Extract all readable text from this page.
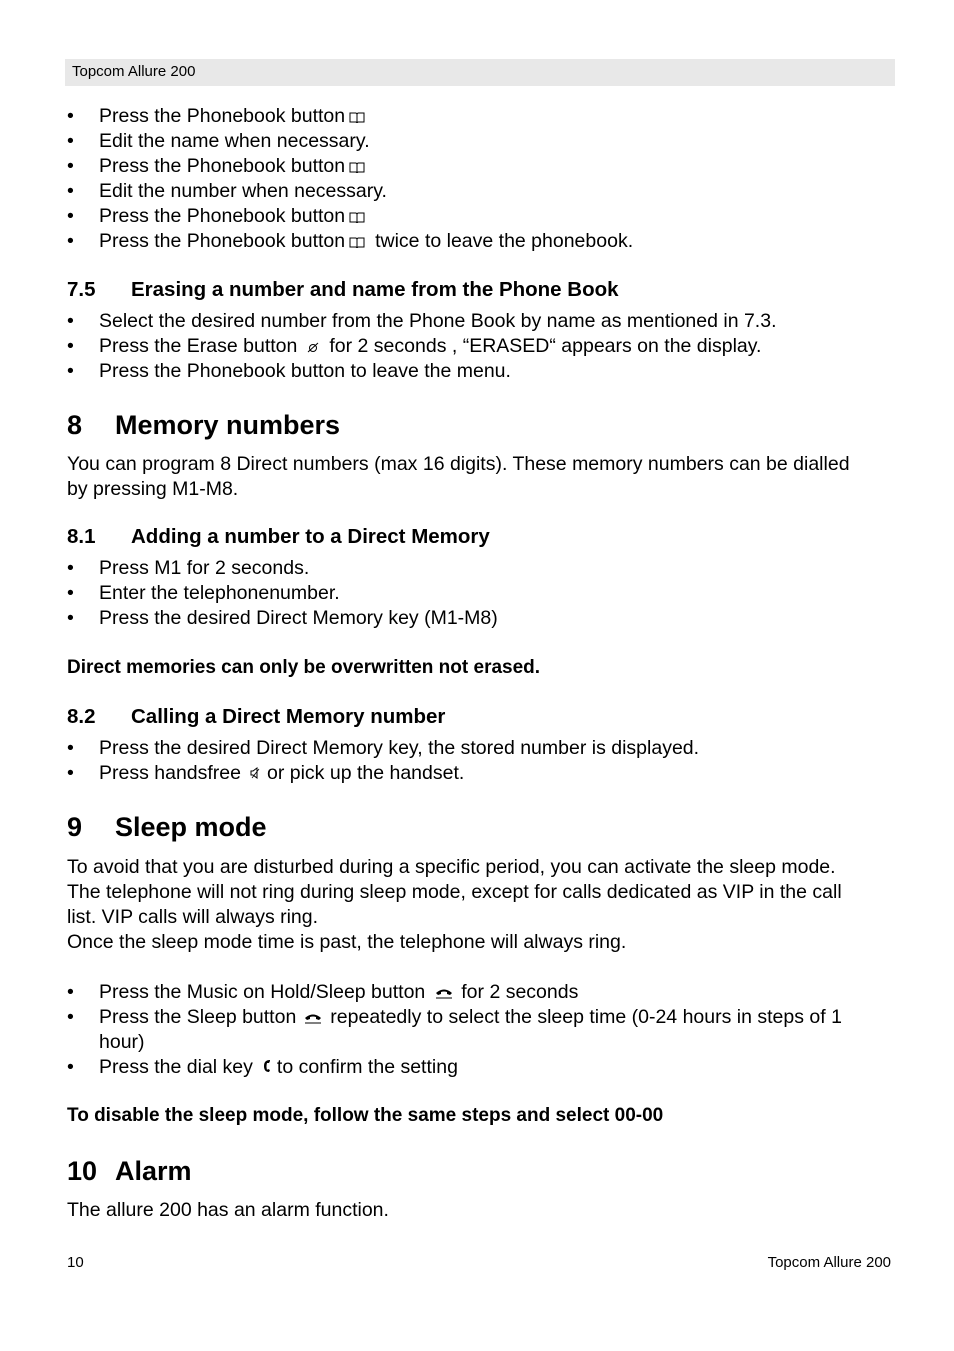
Topcom Allure 200
• Press the Phonebook button
• Edit the name when necessary.
• Press the Phonebook button
• Edit the number when necessary.
• Press the Phonebook button
• Press the Phonebook button twice to leave the phonebook.
7.5 Erasing a number and name from the Phone Book
• Select the desired number from the Phone Book by name as mentioned in 7.3.
• Press the Erase button for 2 seconds , “ERASED“ appears on the display.
• Press the Phonebook button to leave the menu.
8 Memory numbers
You can program 8 Direct numbers (max 16 digits). These memory numbers can be dialled
by pressing M1-M8.
8.1 Adding a number to a Direct Memory
• Press M1 for 2 seconds.
• Enter the telephonenumber.
• Press the desired Direct Memory key (M1-M8)
Direct memories can only be overwritten not erased.
8.2 Calling a Direct Memory number
• Press the desired Direct Memory key, the stored number is displayed.
• Press handsfree or pick up the handset.
9 Sleep mode
To avoid that you are disturbed during a specific period, you can activate the sleep mode.
The telephone will not ring during sleep mode, except for calls dedicated as VIP in the call
list. VIP calls will always ring.
Once the sleep mode time is past, the telephone will always ring.
• Press the Music on Hold/Sleep button for 2 seconds
• Press the Sleep button repeatedly to select the sleep time (0-24 hours in steps of 1
hour)
• Press the dial key to confirm the setting
To disable the sleep mode, follow the same steps and select 00-00
10 Alarm
The allure 200 has an alarm function.
10	Topcom Allure 200
